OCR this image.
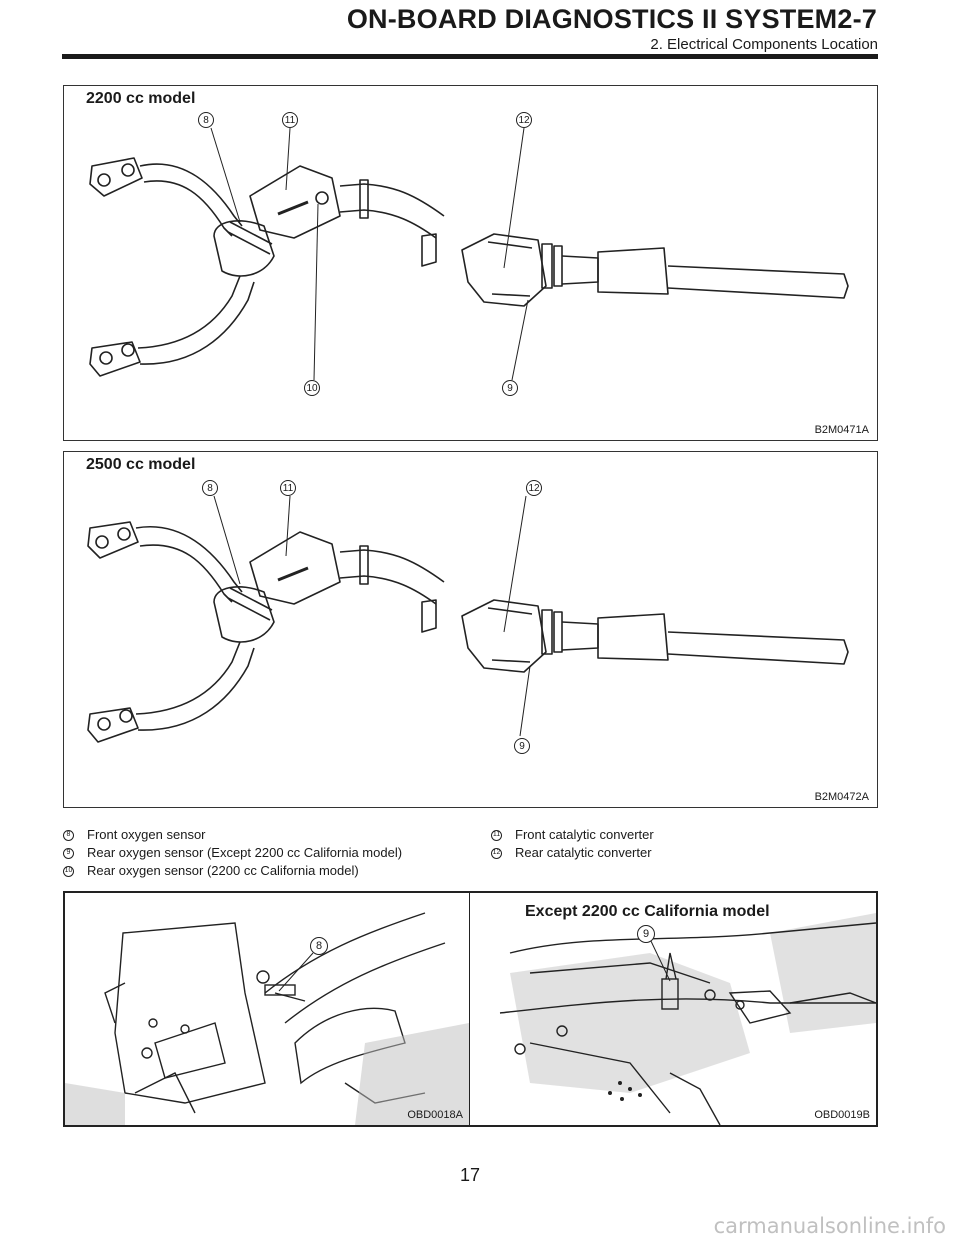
ON-BOARD DIAGNOSTICS II SYSTEM2-7
2. Electrical Components Location
2200 cc model
8	11	12
10	9
B2M0471A
2500 cc model
8	11	12
9
B2M0472A
8 Front oxygen sensor
9 Rear oxygen sensor (Except 2200 cc California model)
10 Rear oxygen sensor (2200 cc California model)
11 Front catalytic converter
12 Rear catalytic converter
8
OBD0018A
Except 2200 cc California model
9
OBD0019B
17
carmanualsonline.info
